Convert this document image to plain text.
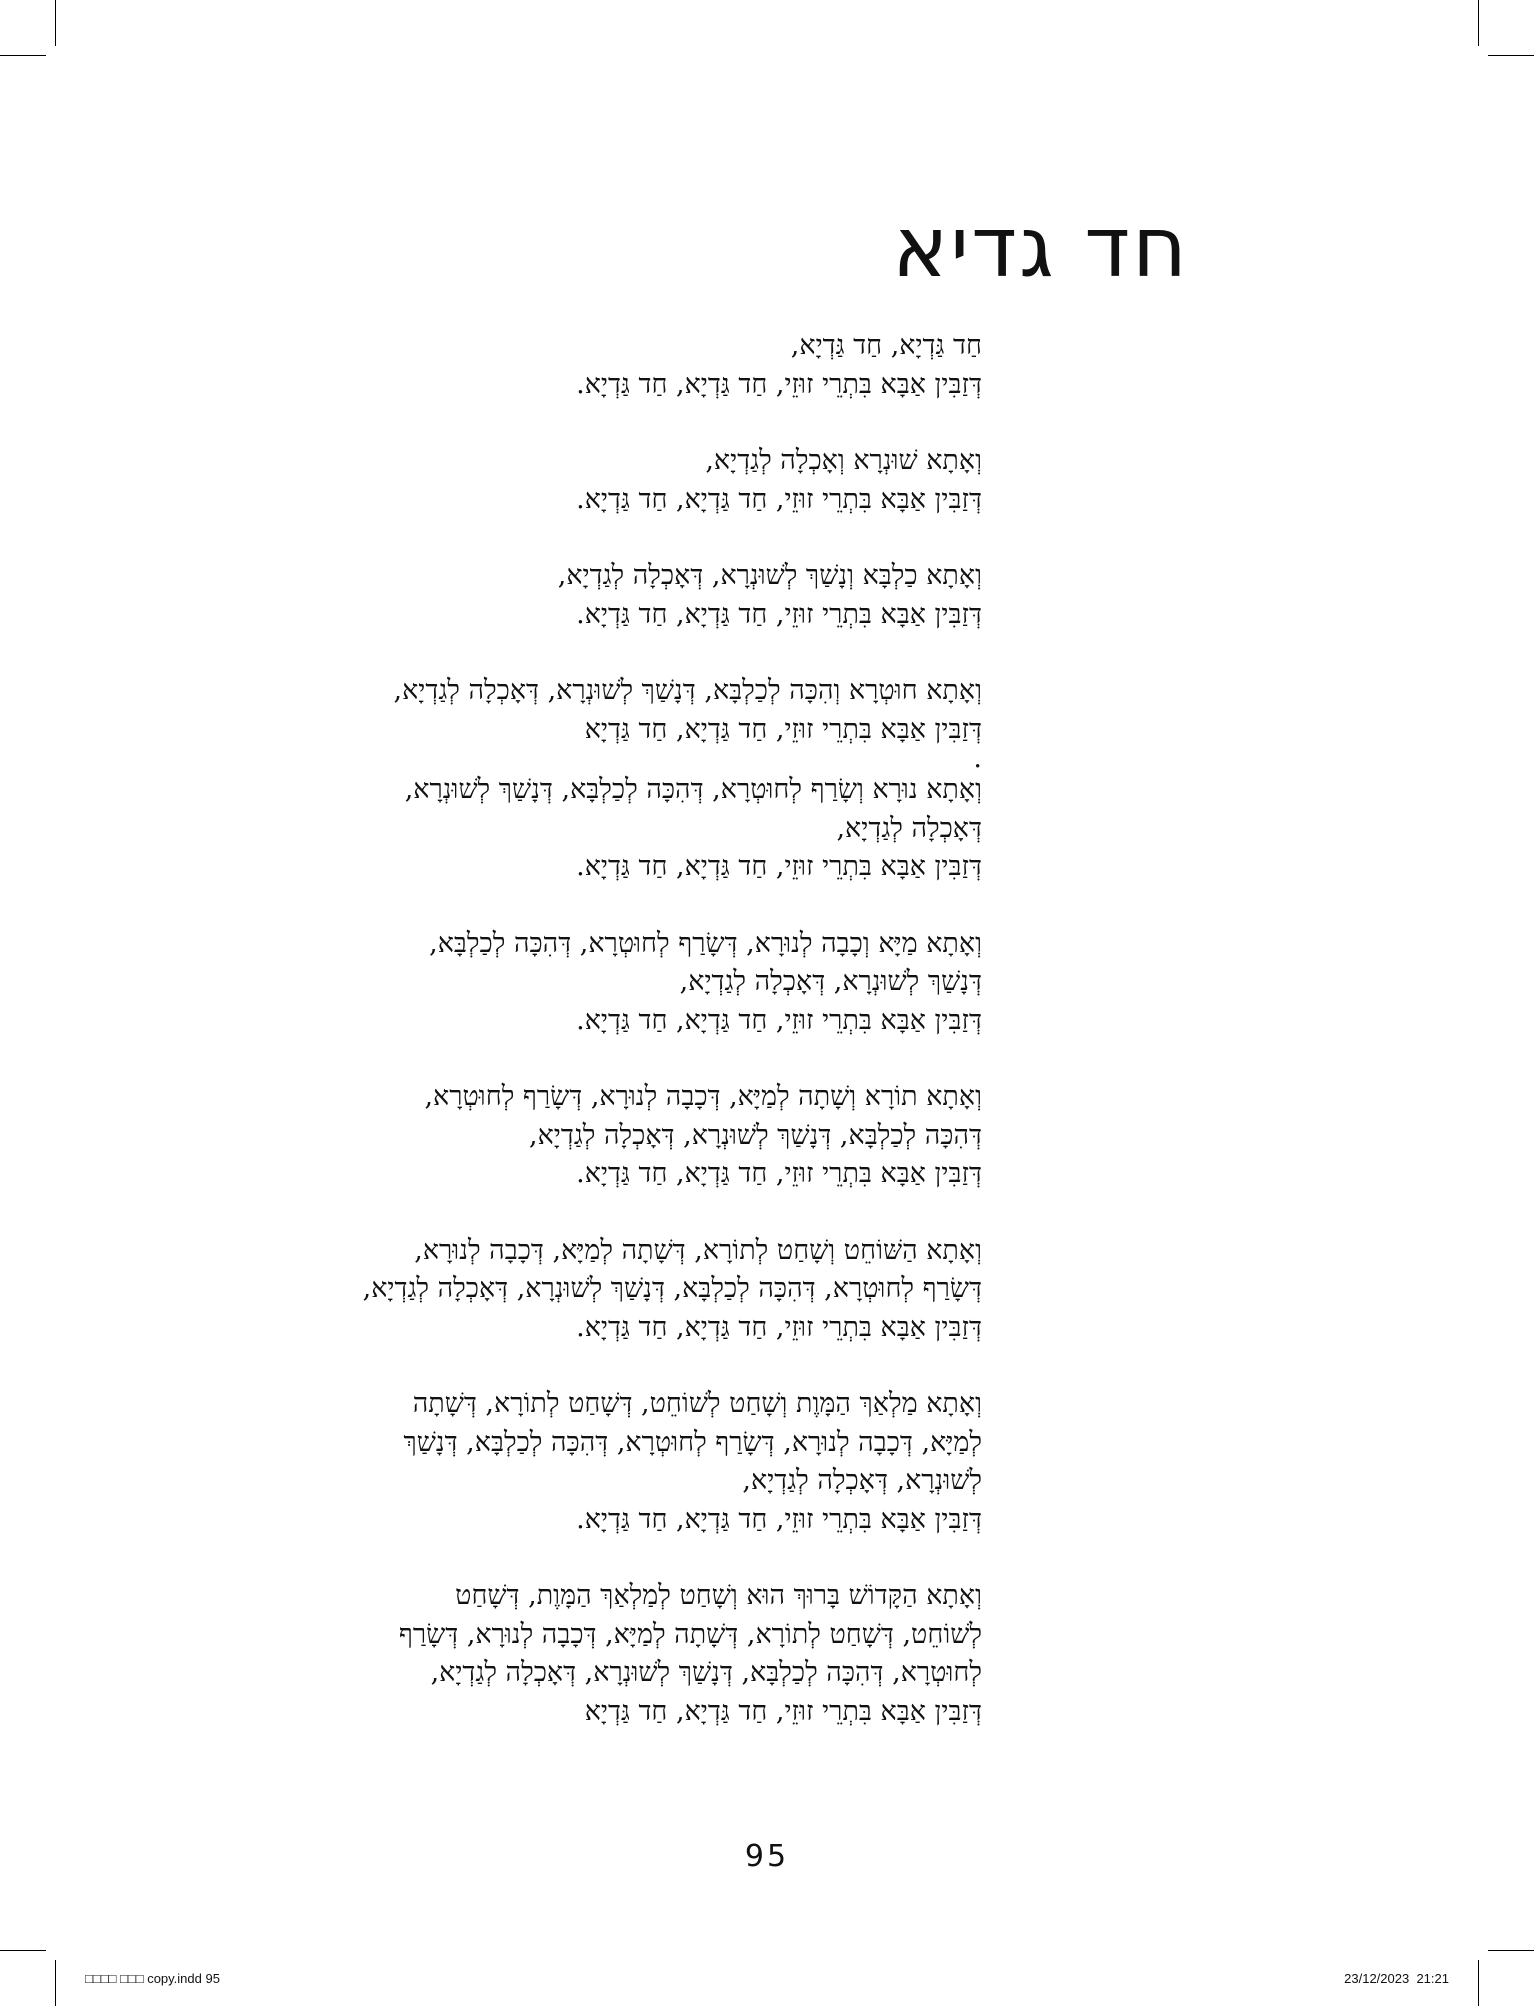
חד גדיא
חַד גַּדְיָא, חַד גַּדְיָא,
דְּזַבִּין אַבָּא בִּתְרֵי זוּזֵי, חַד גַּדְיָא, חַד גַּדְיָא.
וְאָתָא שׁוּנְרָא וְאָכְלָה לְגַדְיָא,
דְּזַבִּין אַבָּא בִּתְרֵי זוּזֵי, חַד גַּדְיָא, חַד גַּדְיָא.
וְאָתָא כַלְבָּא וְנָשַׁךְ לְשׁוּנְרָא, דְּאָכְלָה לְגַדְיָא,
דְּזַבִּין אַבָּא בִּתְרֵי זוּזֵי, חַד גַּדְיָא, חַד גַּדְיָא.
וְאָתָא חוּטְרָא וְהִכָּה לְכַלְבָּא, דְּנָשַׁךְ לְשׁוּנְרָא, דְּאָכְלָה לְגַדְיָא,
דְּזַבִּין אַבָּא בִּתְרֵי זוּזֵי, חַד גַּדְיָא, חַד גַּדְיָא
.
וְאָתָא נוּרָא וְשָׂרַף לְחוּטְרָא, דְּהִכָּה לְכַלְבָּא, דְּנָשַׁךְ לְשׁוּנְרָא,
דְּאָכְלָה לְגַדְיָא,
דְּזַבִּין אַבָּא בִּתְרֵי זוּזֵי, חַד גַּדְיָא, חַד גַּדְיָא.
וְאָתָא מַיָּא וְכָבָה לְנוּרָא, דְּשָׂרַף לְחוּטְרָא, דְּהִכָּה לְכַלְבָּא,
דְּנָשַׁךְ לְשׁוּנְרָא, דְּאָכְלָה לְגַדְיָא,
דְּזַבִּין אַבָּא בִּתְרֵי זוּזֵי, חַד גַּדְיָא, חַד גַּדְיָא.
וְאָתָא תוֹרָא וְשָׁתָה לְמַיָּא, דְּכָבָה לְנוּרָא, דְּשָׂרַף לְחוּטְרָא,
דְּהִכָּה לְכַלְבָּא, דְּנָשַׁךְ לְשׁוּנְרָא, דְּאָכְלָה לְגַדְיָא,
דְּזַבִּין אַבָּא בִּתְרֵי זוּזֵי, חַד גַּדְיָא, חַד גַּדְיָא.
וְאָתָא הַשּׁוֹחֵט וְשָׁחַט לְתוֹרָא, דְּשָׁתָה לְמַיָּא, דְּכָבָה לְנוּרָא,
דְּשָׂרַף לְחוּטְרָא, דְּהִכָּה לְכַלְבָּא, דְּנָשַׁךְ לְשׁוּנְרָא, דְּאָכְלָה לְגַדְיָא,
דְּזַבִּין אַבָּא בִּתְרֵי זוּזֵי, חַד גַּדְיָא, חַד גַּדְיָא.
וְאָתָא מַלְאַךְ הַמָּוֶת וְשָׁחַט לְשׁוֹחֵט, דְּשָׁחַט לְתוֹרָא, דְּשָׁתָה
לְמַיָּא, דְּכָבָה לְנוּרָא, דְּשָׂרַף לְחוּטְרָא, דְּהִכָּה לְכַלְבָּא, דְּנָשַׁךְ
לְשׁוּנְרָא, דְּאָכְלָה לְגַדְיָא,
דְּזַבִּין אַבָּא בִּתְרֵי זוּזֵי, חַד גַּדְיָא, חַד גַּדְיָא.
וְאָתָא הַקָּדוֹשׁ בָּרוּךְ הוּא וְשָׁחַט לְמַלְאַךְ הַמָּוֶת, דְּשָׁחַט
לְשׁוֹחֵט, דְּשָׁחַט לְתוֹרָא, דְּשָׁתָה לְמַיָּא, דְּכָבָה לְנוּרָא, דְּשָׂרַף
לְחוּטְרָא, דְּהִכָּה לְכַלְבָּא, דְּנָשַׁךְ לְשׁוּנְרָא, דְּאָכְלָה לְגַדְיָא,
דְּזַבִּין אַבָּא בִּתְרֵי זוּזֵי, חַד גַּדְיָא, חַד גַּדְיָא

95

□□□□ □□□ copy.indd 95	23/12/2023 21:21
